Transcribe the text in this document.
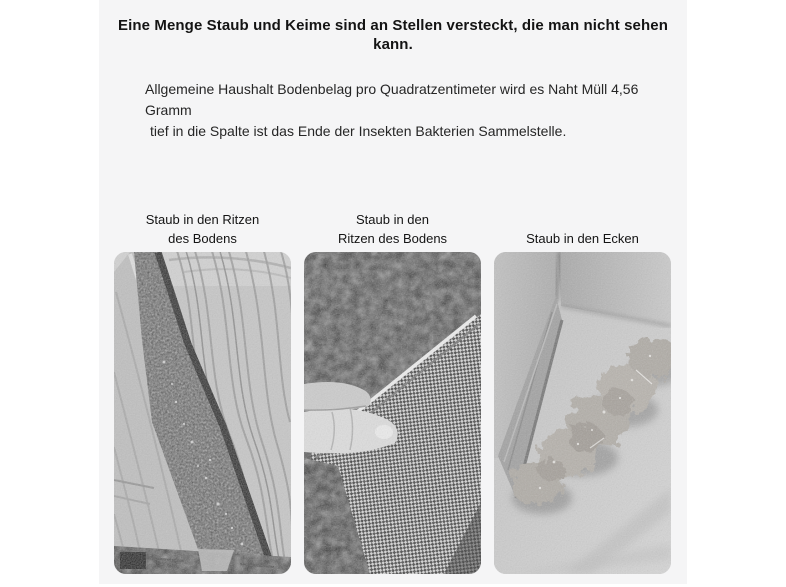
Eine Menge Staub und Keime sind an Stellen versteckt, die man nicht sehen kann.

Allgemeine Haushalt Bodenbelag pro Quadratzentimeter wird es Naht Müll 4,56 Gramm
tief in die Spalte ist das Ende der Insekten Bakterien Sammelstelle.

Staub in den Ritzen
des Bodens
Staub in den
Ritzen des Bodens	Staub in den Ecken
